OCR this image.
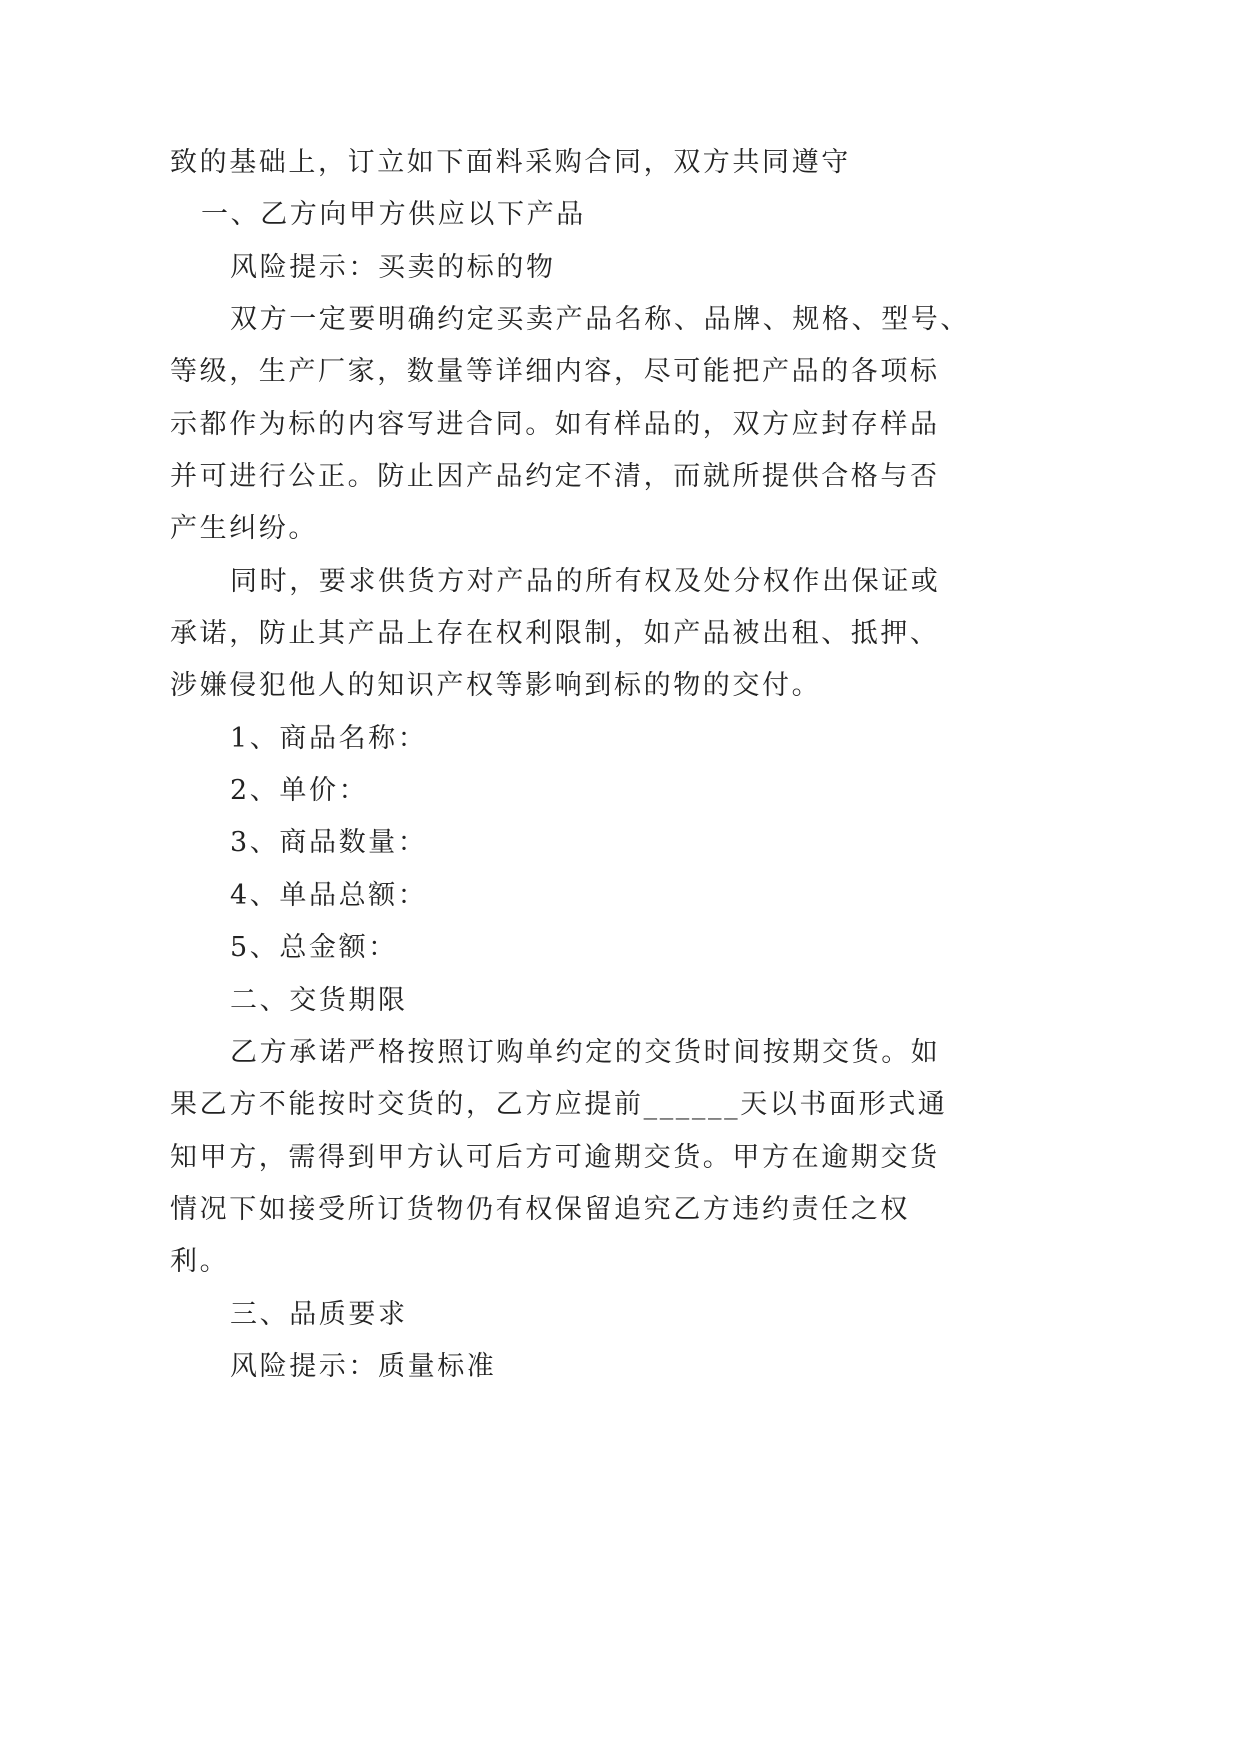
致的基础上，订立如下面料采购合同，双方共同遵守
一、乙方向甲方供应以下产品
风险提示：买卖的标的物
双方一定要明确约定买卖产品名称、品牌、规格、型号、
等级，生产厂家，数量等详细内容，尽可能把产品的各项标
示都作为标的内容写进合同。如有样品的，双方应封存样品
并可进行公正。防止因产品约定不清，而就所提供合格与否
产生纠纷。
同时，要求供货方对产品的所有权及处分权作出保证或
承诺，防止其产品上存在权利限制，如产品被出租、抵押、
涉嫌侵犯他人的知识产权等影响到标的物的交付。
1、商品名称：
2、单价：
3、商品数量：
4、单品总额：
5、总金额：
二、交货期限
乙方承诺严格按照订购单约定的交货时间按期交货。如
果乙方不能按时交货的，乙方应提前______天以书面形式通
知甲方，需得到甲方认可后方可逾期交货。甲方在逾期交货
情况下如接受所订货物仍有权保留追究乙方违约责任之权
利。
三、品质要求
风险提示：质量标准
